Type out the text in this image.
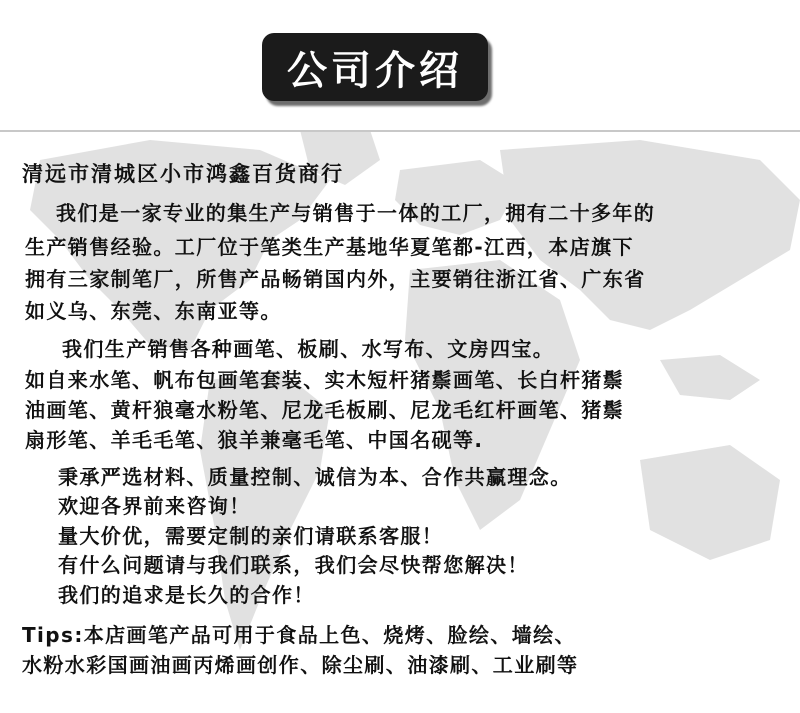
公司介绍
清远市清城区小市鸿鑫百货商行
我们是一家专业的集生产与销售于一体的工厂，拥有二十多年的
生产销售经验。工厂位于笔类生产基地华夏笔都-江西，本店旗下
拥有三家制笔厂，所售产品畅销国内外，主要销往浙江省、广东省
如义乌、东莞、东南亚等。
我们生产销售各种画笔、板刷、水写布、文房四宝。
如自来水笔、帆布包画笔套装、实木短杆猪鬃画笔、长白杆猪鬃
油画笔、黄杆狼毫水粉笔、尼龙毛板刷、尼龙毛红杆画笔、猪鬃
扇形笔、羊毛毛笔、狼羊兼毫毛笔、中国名砚等.
秉承严选材料、质量控制、诚信为本、合作共赢理念。
欢迎各界前来咨询！
量大价优，需要定制的亲们请联系客服！
有什么问题请与我们联系，我们会尽快帮您解决！
我们的追求是长久的合作！
Tips:本店画笔产品可用于食品上色、烧烤、脸绘、墙绘、
水粉水彩国画油画丙烯画创作、除尘刷、油漆刷、工业刷等
